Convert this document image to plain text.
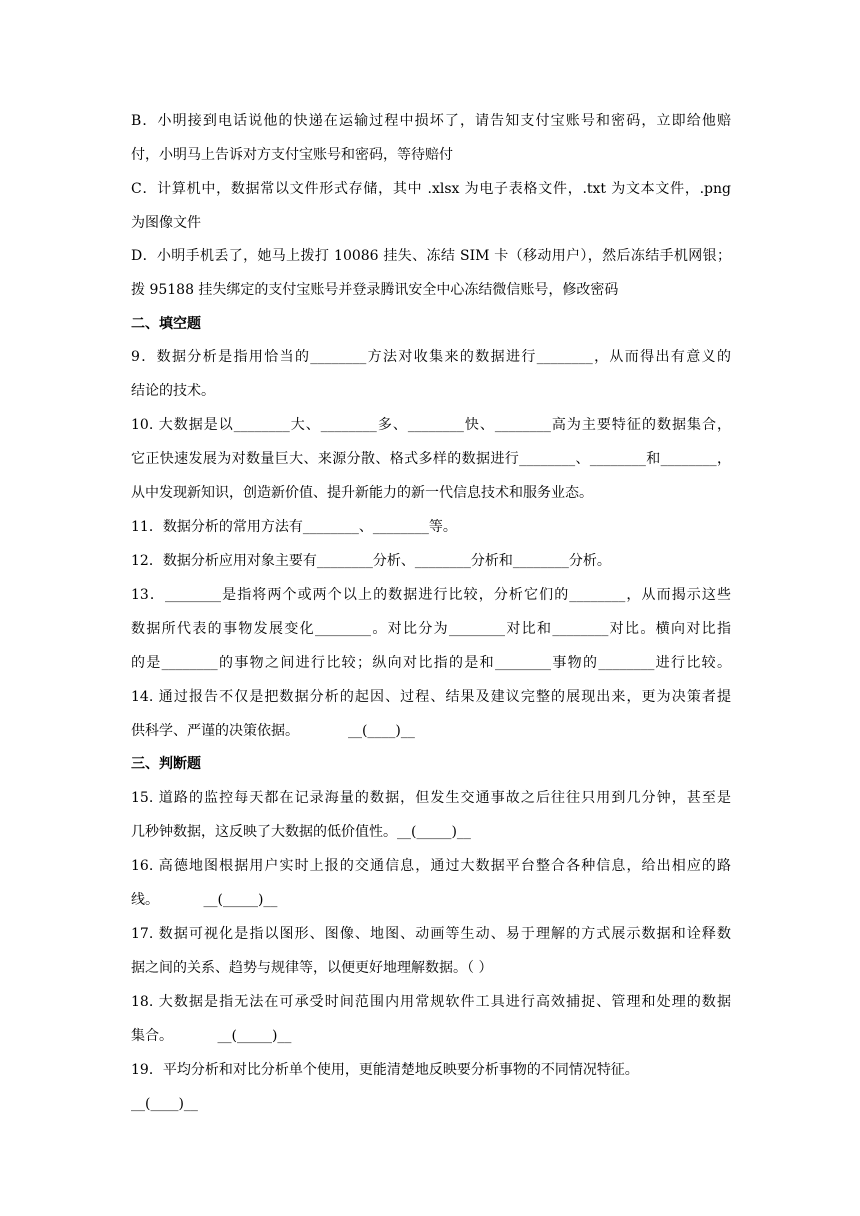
B．小明接到电话说他的快递在运输过程中损坏了，请告知支付宝账号和密码，立即给他赔
付，小明马上告诉对方支付宝账号和密码，等待赔付
C．计算机中，数据常以文件形式存储，其中 .xlsx 为电子表格文件，.txt 为文本文件，.png
为图像文件
D．小明手机丢了，她马上拨打 10086 挂失、冻结 SIM 卡（移动用户），然后冻结手机网银；
拨 95188 挂失绑定的支付宝账号并登录腾讯安全中心冻结微信账号，修改密码
二、填空题
9．数据分析是指用恰当的________方法对收集来的数据进行________，从而得出有意义的
结论的技术。
10. 大数据是以________大、________多、________快、________高为主要特征的数据集合，
它正快速发展为对数量巨大、来源分散、格式多样的数据进行________、________和________，
从中发现新知识，创造新价值、提升新能力的新一代信息技术和服务业态。
11．数据分析的常用方法有________、________等。
12．数据分析应用对象主要有________分析、________分析和________分析。
13．________是指将两个或两个以上的数据进行比较，分析它们的________，从而揭示这些
数据所代表的事物发展变化________。对比分为________对比和________对比。横向对比指
的是________的事物之间进行比较；纵向对比指的是和________事物的________进行比较。
14. 通过报告不仅是把数据分析的起因、过程、结果及建议完整的展现出来，更为决策者提
供科学、严谨的决策依据。           __(____)__
三、判断题
15. 道路的监控每天都在记录海量的数据，但发生交通事故之后往往只用到几分钟，甚至是
几秒钟数据，这反映了大数据的低价值性。__(_____)__
16. 高德地图根据用户实时上报的交通信息，通过大数据平台整合各种信息，给出相应的路
线。          __(_____)__
17. 数据可视化是指以图形、图像、地图、动画等生动、易于理解的方式展示数据和诠释数
据之间的关系、趋势与规律等，以便更好地理解数据。（ ）
18. 大数据是指无法在可承受时间范围内用常规软件工具进行高效捕捉、管理和处理的数据
集合。          __(_____)__
19．平均分析和对比分析单个使用，更能清楚地反映要分析事物的不同情况特征。
__(____)__
